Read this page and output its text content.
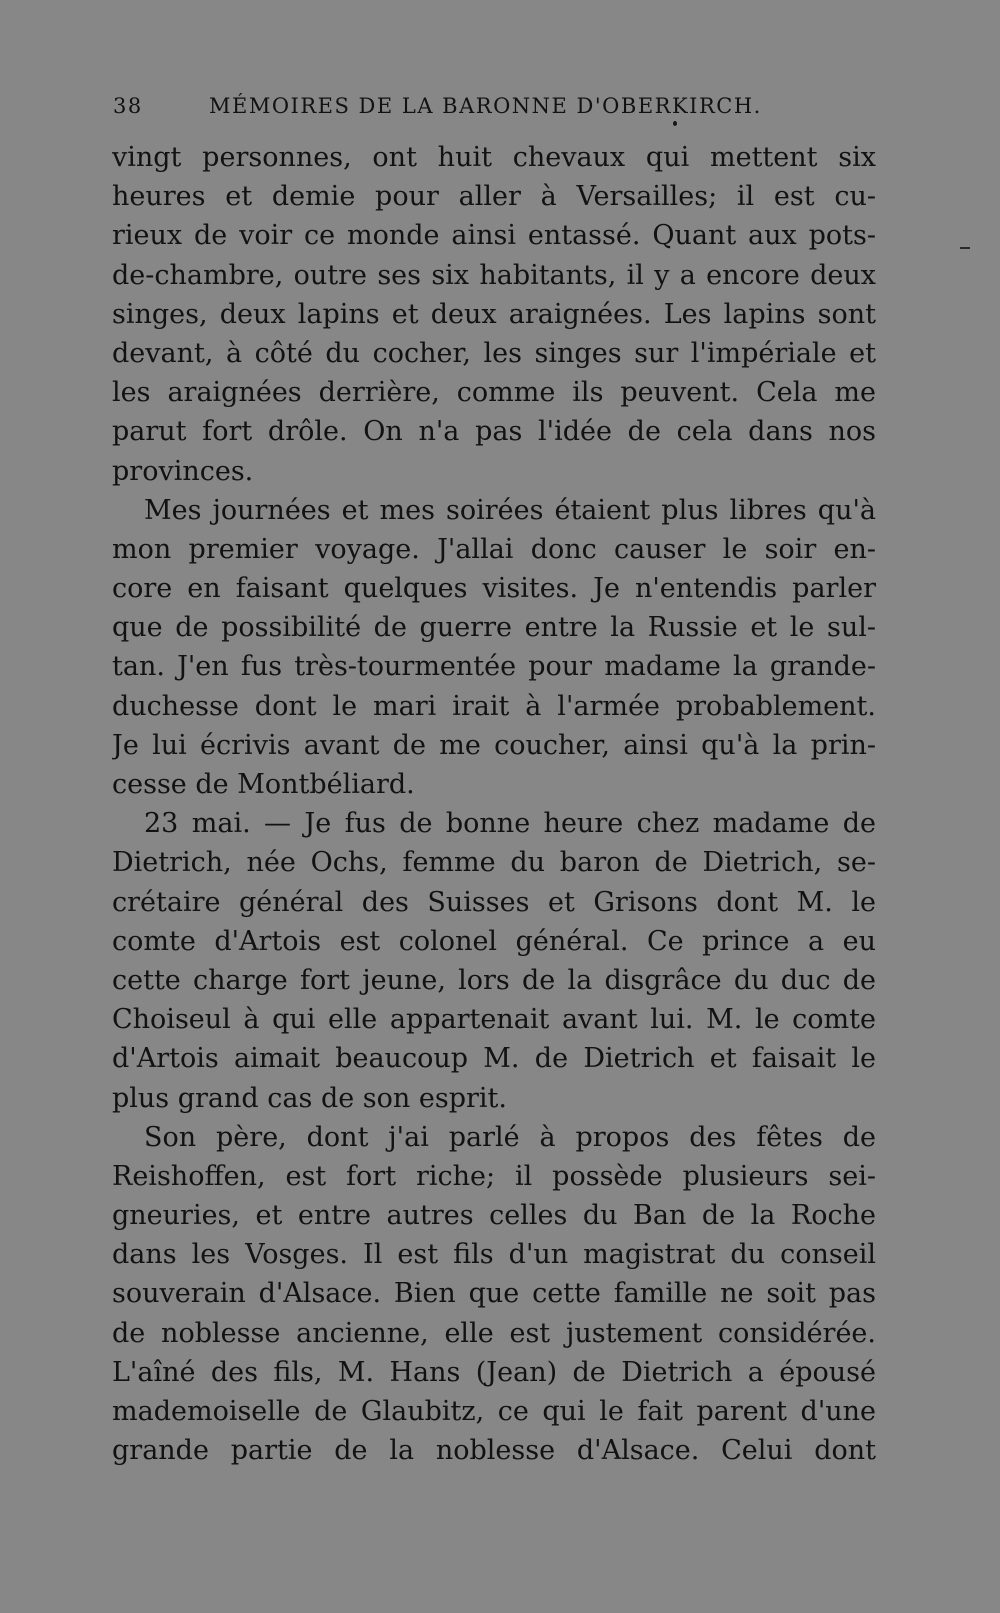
38	MÉMOIRES DE LA BARONNE D'OBERKIRCH.
vingt personnes, ont huit chevaux qui mettent six
heures et demie pour aller à Versailles; il est cu-
rieux de voir ce monde ainsi entassé. Quant aux pots-
de-chambre, outre ses six habitants, il y a encore deux
singes, deux lapins et deux araignées. Les lapins sont
devant, à côté du cocher, les singes sur l'impériale et
les araignées derrière, comme ils peuvent. Cela me
parut fort drôle. On n'a pas l'idée de cela dans nos
provinces.
Mes journées et mes soirées étaient plus libres qu'à
mon premier voyage. J'allai donc causer le soir en-
core en faisant quelques visites. Je n'entendis parler
que de possibilité de guerre entre la Russie et le sul-
tan. J'en fus très-tourmentée pour madame la grande-
duchesse dont le mari irait à l'armée probablement.
Je lui écrivis avant de me coucher, ainsi qu'à la prin-
cesse de Montbéliard.
23 mai. — Je fus de bonne heure chez madame de
Dietrich, née Ochs, femme du baron de Dietrich, se-
crétaire général des Suisses et Grisons dont M. le
comte d'Artois est colonel général. Ce prince a eu
cette charge fort jeune, lors de la disgrâce du duc de
Choiseul à qui elle appartenait avant lui. M. le comte
d'Artois aimait beaucoup M. de Dietrich et faisait le
plus grand cas de son esprit.
Son père, dont j'ai parlé à propos des fêtes de
Reishoffen, est fort riche; il possède plusieurs sei-
gneuries, et entre autres celles du Ban de la Roche
dans les Vosges. Il est fils d'un magistrat du conseil
souverain d'Alsace. Bien que cette famille ne soit pas
de noblesse ancienne, elle est justement considérée.
L'aîné des fils, M. Hans (Jean) de Dietrich a épousé
mademoiselle de Glaubitz, ce qui le fait parent d'une
grande partie de la noblesse d'Alsace. Celui dont
